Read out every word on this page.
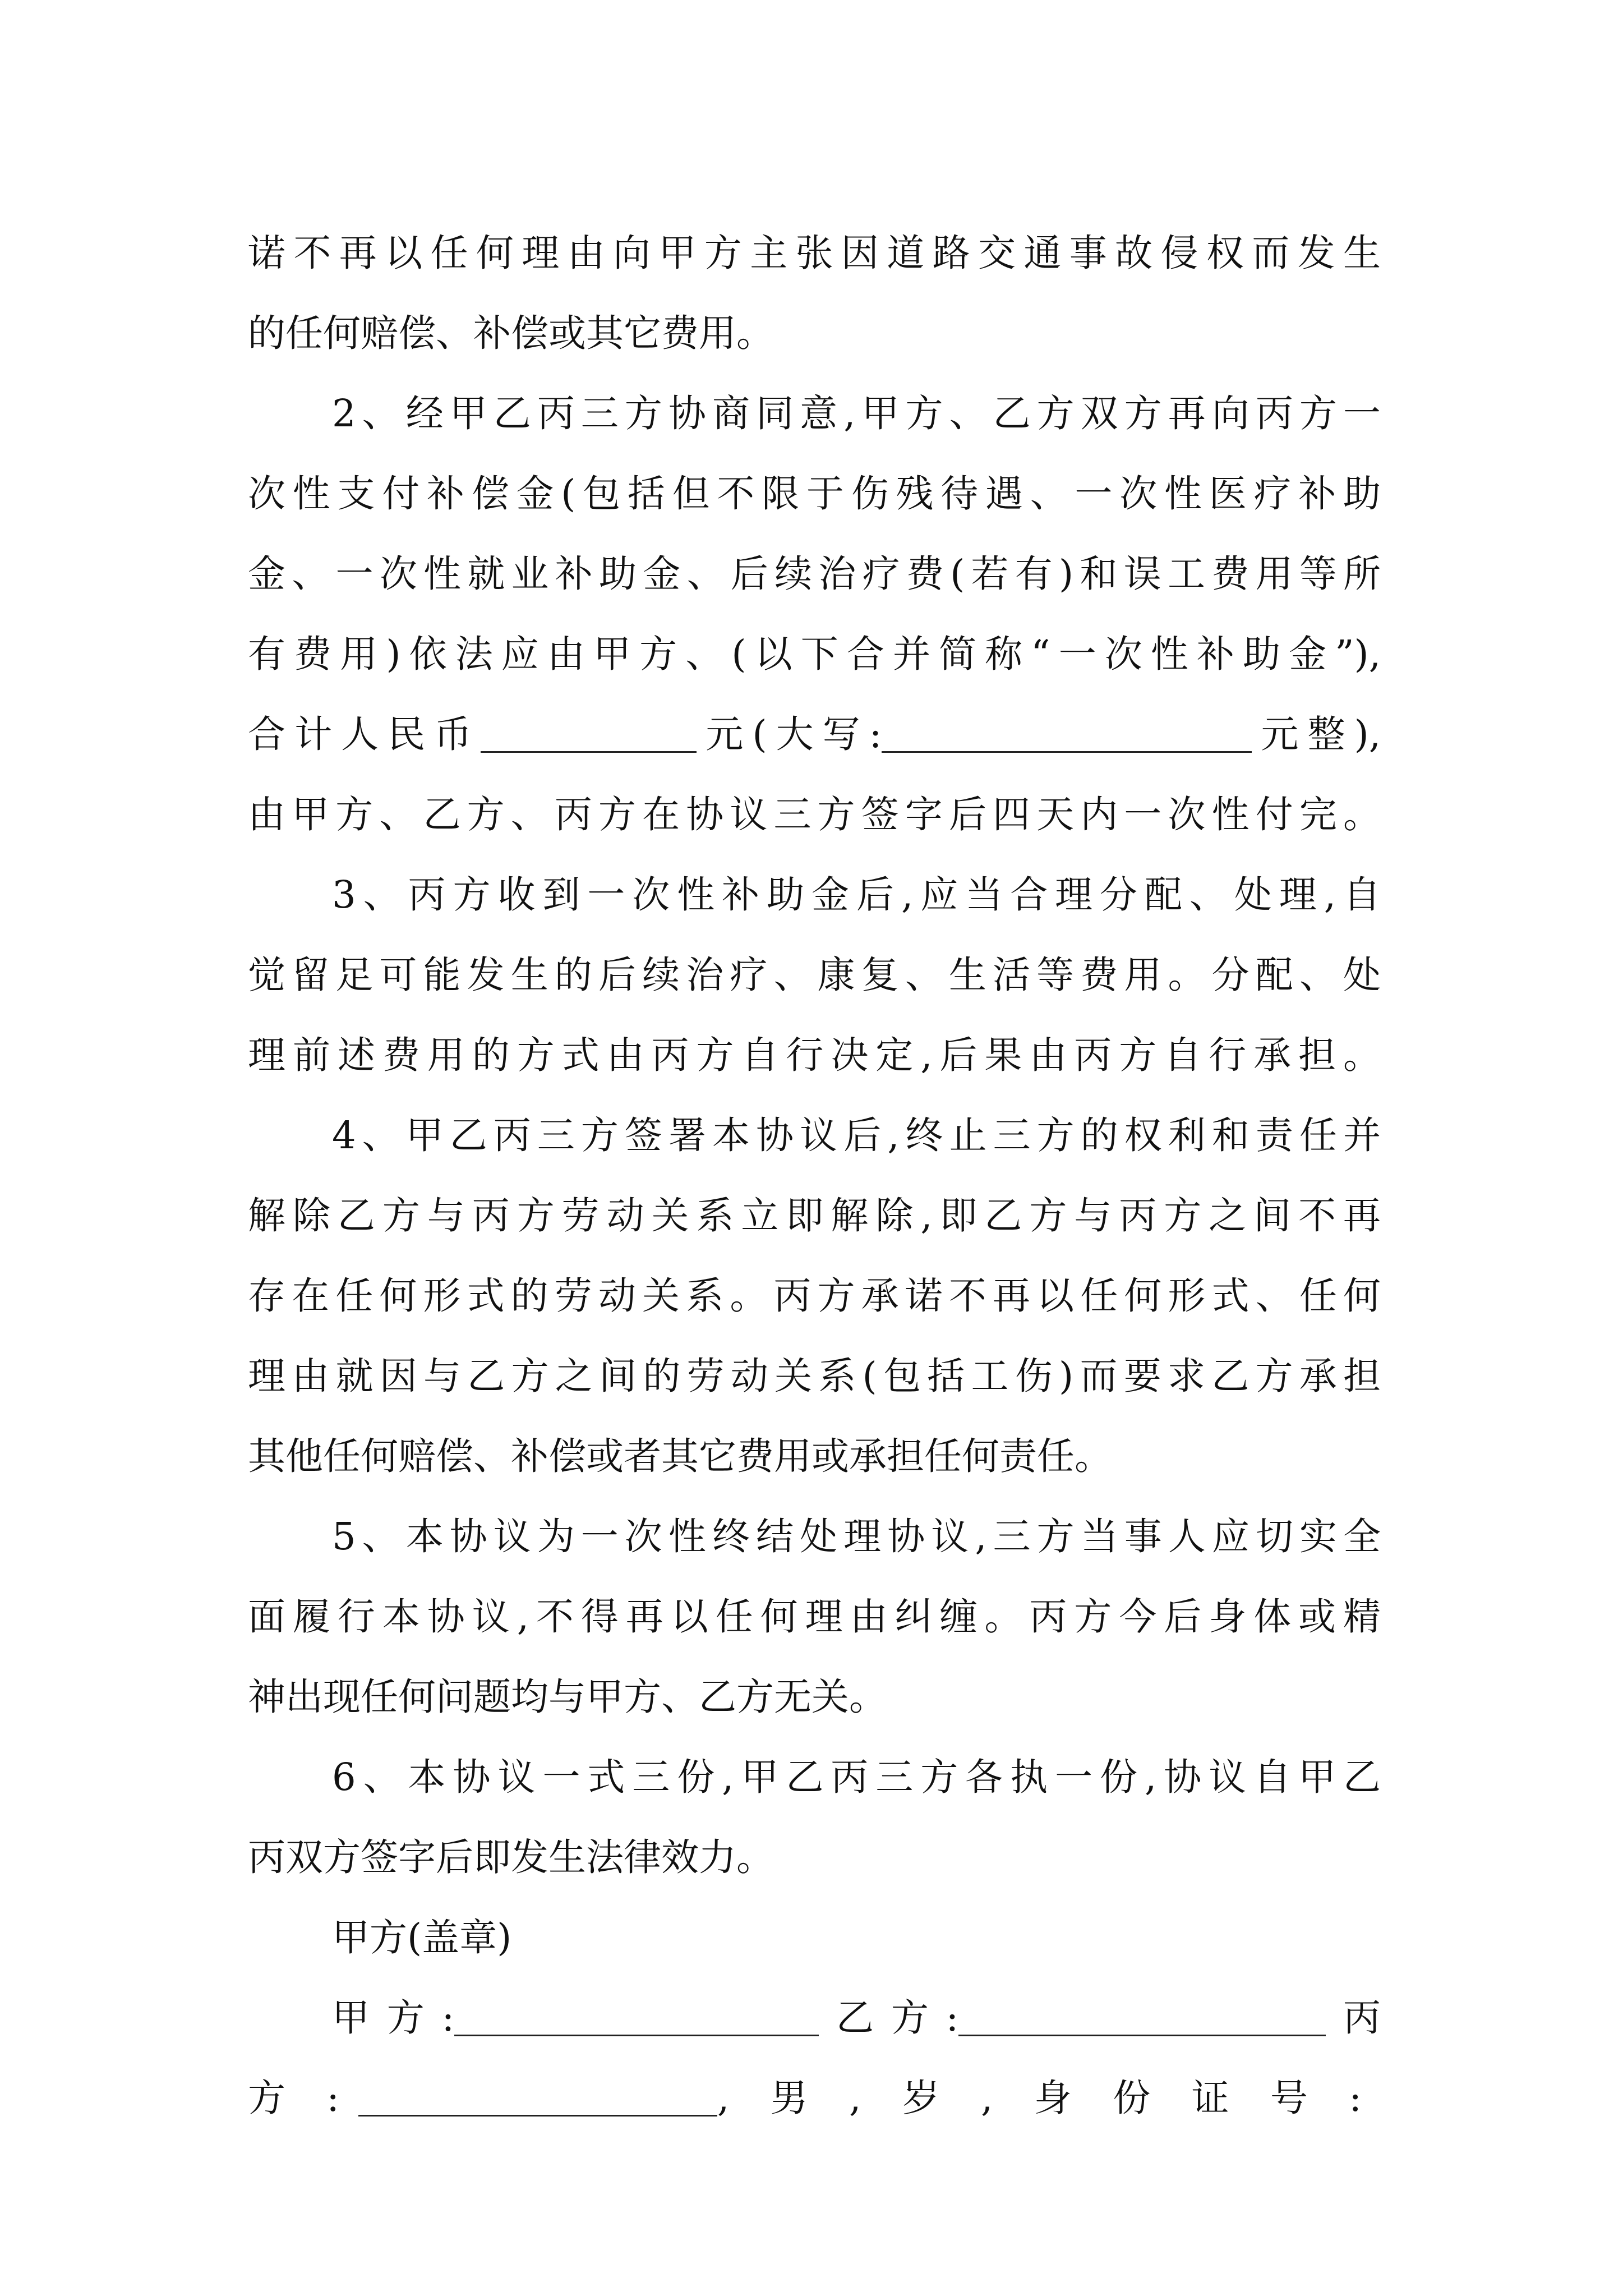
诺不再以任何理由向甲方主张因道路交通事故侵权而发生
的任何赔偿、补偿或其它费用。
2、经甲乙丙三方协商同意,甲方、乙方双方再向丙方一
次性支付补偿金(包括但不限于伤残待遇、一次性医疗补助
金、一次性就业补助金、后续治疗费(若有)和误工费用等所
有费用)依法应由甲方、(以下合并简称“一次性补助金”),
合计人民币	元(大写:	元整),
由甲方、乙方、丙方在协议三方签字后四天内一次性付完。
3、丙方收到一次性补助金后,应当合理分配、处理,自
觉留足可能发生的后续治疗、康复、生活等费用。分配、处
理前述费用的方式由丙方自行决定,后果由丙方自行承担。
4、甲乙丙三方签署本协议后,终止三方的权利和责任并
解除乙方与丙方劳动关系立即解除,即乙方与丙方之间不再
存在任何形式的劳动关系。丙方承诺不再以任何形式、任何
理由就因与乙方之间的劳动关系(包括工伤)而要求乙方承担
其他任何赔偿、补偿或者其它费用或承担任何责任。
5、本协议为一次性终结处理协议,三方当事人应切实全
面履行本协议,不得再以任何理由纠缠。丙方今后身体或精
神出现任何问题均与甲方、乙方无关。
6、本协议一式三份,甲乙丙三方各执一份,协议自甲乙
丙双方签字后即发生法律效力。
甲方(盖章)
甲方:	乙方:	丙
方:	,男,岁,身份证号:
